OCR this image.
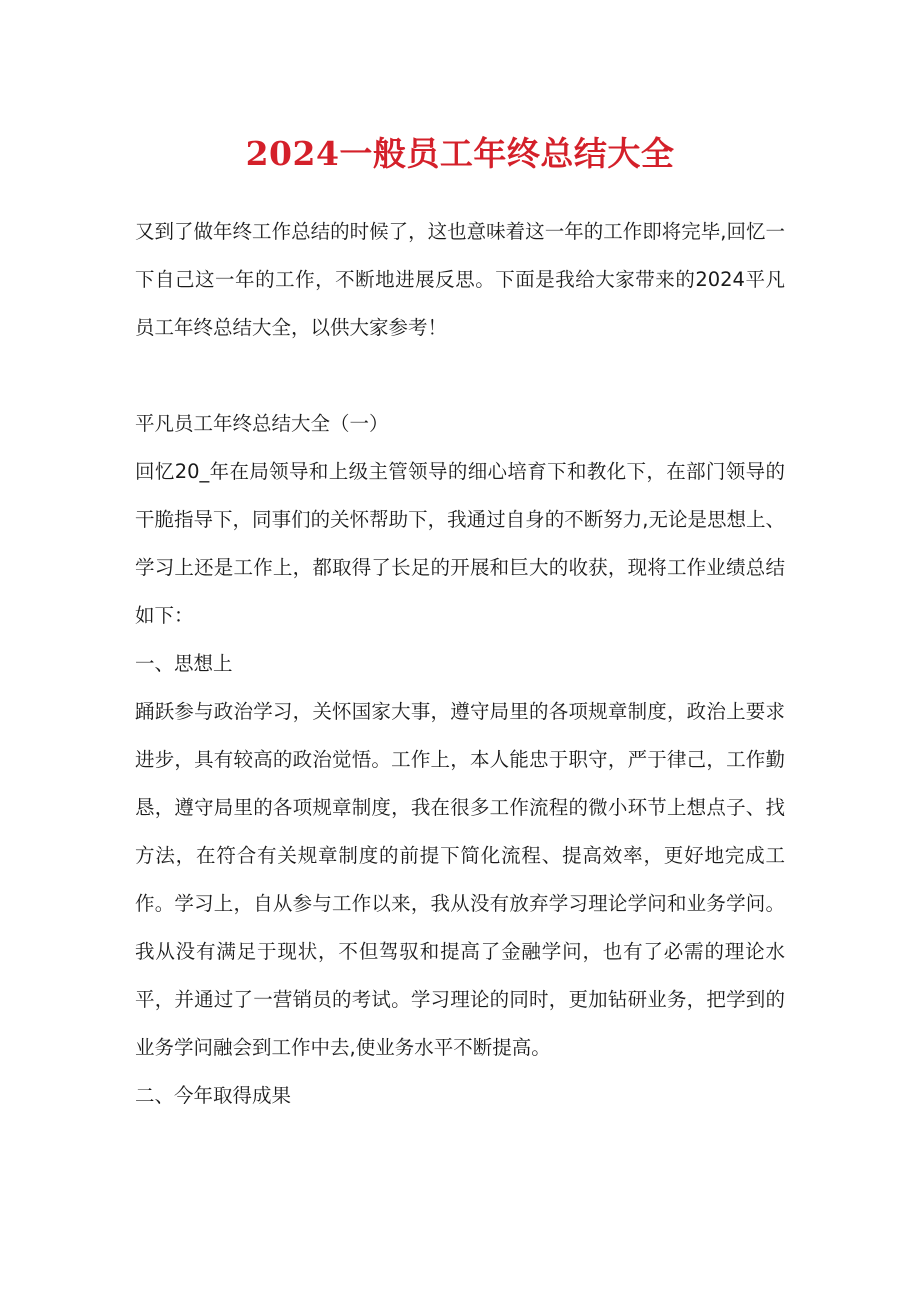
2024一般员工年终总结大全

又到了做年终工作总结的时候了，这也意味着这一年的工作即将完毕,回忆一下自己这一年的工作，不断地进展反思。下面是我给大家带来的2024平凡员工年终总结大全，以供大家参考！

平凡员工年终总结大全（一）

回忆20_年在局领导和上级主管领导的细心培育下和教化下，在部门领导的干脆指导下，同事们的关怀帮助下，我通过自身的不断努力,无论是思想上、学习上还是工作上，都取得了长足的开展和巨大的收获，现将工作业绩总结如下：

一、思想上

踊跃参与政治学习，关怀国家大事，遵守局里的各项规章制度，政治上要求进步，具有较高的政治觉悟。工作上，本人能忠于职守，严于律己，工作勤恳，遵守局里的各项规章制度，我在很多工作流程的微小环节上想点子、找方法，在符合有关规章制度的前提下简化流程、提高效率，更好地完成工作。学习上，自从参与工作以来，我从没有放弃学习理论学问和业务学问。我从没有满足于现状，不但驾驭和提高了金融学问，也有了必需的理论水平，并通过了一营销员的考试。学习理论的同时，更加钻研业务，把学到的业务学问融会到工作中去,使业务水平不断提高。

二、今年取得成果
